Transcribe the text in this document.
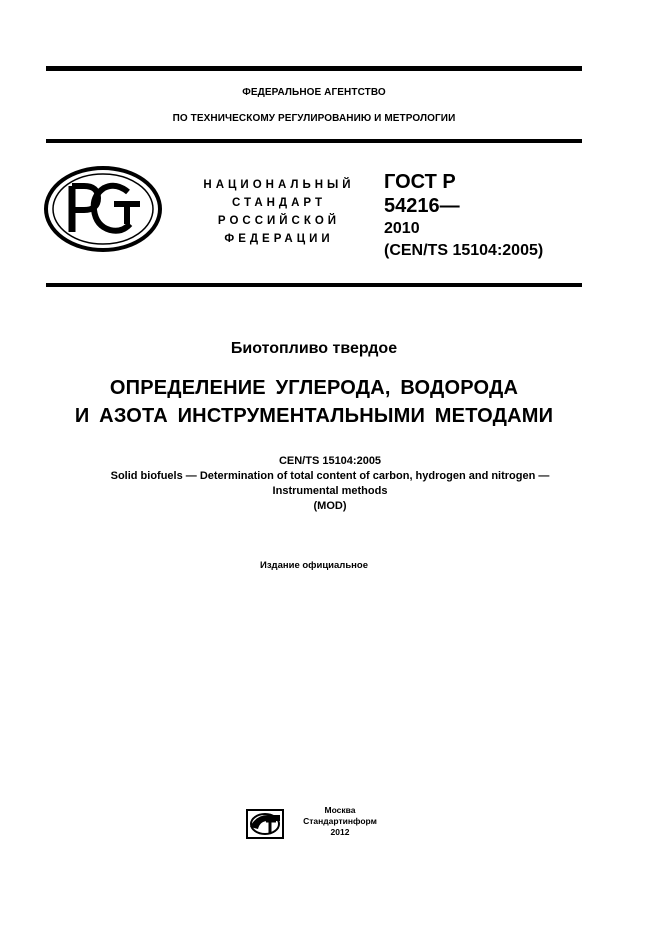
ФЕДЕРАЛЬНОЕ АГЕНТСТВО
ПО ТЕХНИЧЕСКОМУ РЕГУЛИРОВАНИЮ И МЕТРОЛОГИИ
НАЦИОНАЛЬНЫЙ
СТАНДАРТ
РОССИЙСКОЙ
ФЕДЕРАЦИИ
ГОСТ Р
54216—
2010
(CEN/TS 15104:2005)
Биотопливо твердое
ОПРЕДЕЛЕНИЕ УГЛЕРОДА, ВОДОРОДА
И АЗОТА ИНСТРУМЕНТАЛЬНЫМИ МЕТОДАМИ
CEN/TS 15104:2005
Solid biofuels — Determination of total content of carbon, hydrogen and nitrogen —
Instrumental methods
(MOD)
Издание официальное
Москва
Стандартинформ
2012
